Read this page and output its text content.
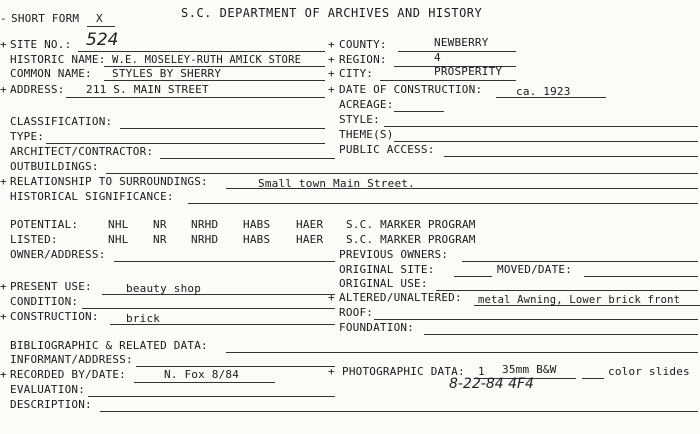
- SHORT FORM X	S.C. DEPARTMENT OF ARCHIVES AND HISTORY
+ SITE NO.: 524
HISTORIC NAME: W.E. MOSELEY-RUTH AMICK STORE
COMMON NAME: STYLES BY SHERRY
+ ADDRESS: 211 S. MAIN STREET
CLASSIFICATION:
TYPE:
ARCHITECT/CONTRACTOR:
OUTBUILDINGS:
+ RELATIONSHIP TO SURROUNDINGS:	Small town Main Street.
HISTORICAL SIGNIFICANCE:
POTENTIAL:	NHL NR NRHD HABS HAER S.C. MARKER PROGRAM
LISTED:	NHL NR NRHD HABS HAER S.C. MARKER PROGRAM
OWNER/ADDRESS:
+ PRESENT USE:	beauty shop
CONDITION:
+ CONSTRUCTION: brick
BIBLIOGRAPHIC & RELATED DATA:
INFORMANT/ADDRESS:
+ RECORDED BY/DATE:	N. Fox 8/84
EVALUATION:
DESCRIPTION:
+ COUNTY:	NEWBERRY
+ REGION:	4
+ CITY:	PROSPERITY
+ DATE OF CONSTRUCTION:	ca. 1923
ACREAGE:
STYLE:
THEME(S)
PUBLIC ACCESS:
PREVIOUS OWNERS:
ORIGINAL SITE:	MOVED/DATE:
ORIGINAL USE:
+ ALTERED/UNALTERED: metal Awning, Lower brick front
ROOF:
FOUNDATION:
+ PHOTOGRAPHIC DATA: 1 35mm B&W	color slides
8-22-84 4F4
